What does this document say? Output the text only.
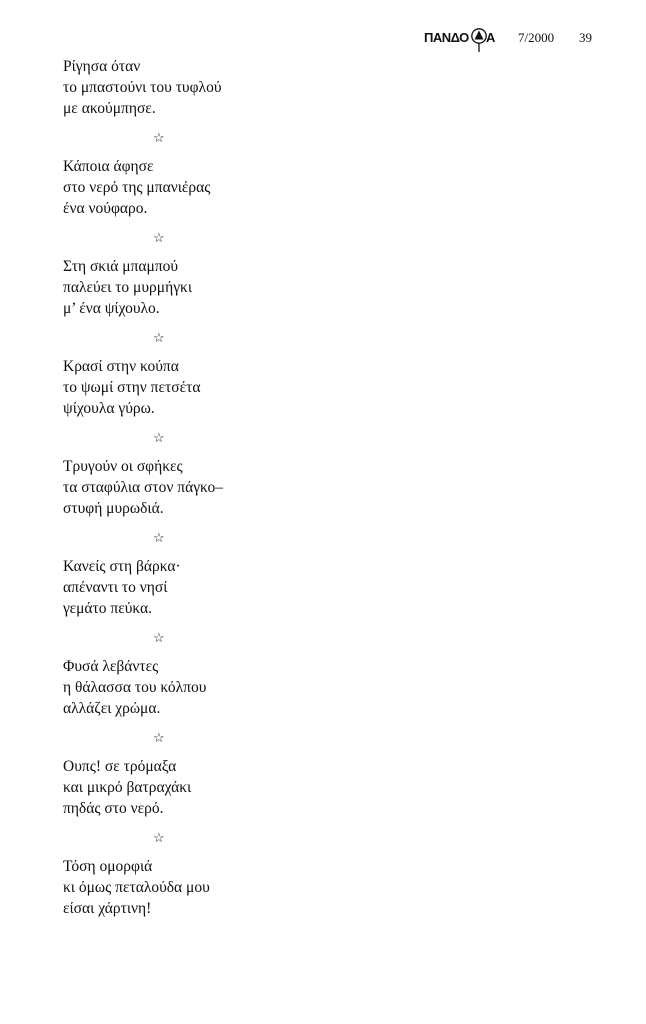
ΠΑΝΔΟ Α 7/2000 39
Ρίγησα όταν
το μπαστούνι του τυφλού
με ακούμπησε.
☆
Κάποια άφησε
στο νερό της μπανιέρας
ένα νούφαρο.
☆
Στη σκιά μπαμπού
παλεύει το μυρμήγκι
μ’ ένα ψίχουλο.
☆
Κρασί στην κούπα
το ψωμί στην πετσέτα
ψίχουλα γύρω.
☆
Τρυγούν οι σφήκες
τα σταφύλια στον πάγκο–
στυφή μυρωδιά.
☆
Κανείς στη βάρκα·
απέναντι το νησί
γεμάτο πεύκα.
☆
Φυσά λεβάντες
η θάλασσα του κόλπου
αλλάζει χρώμα.
☆
Ουπς! σε τρόμαξα
και μικρό βατραχάκι
πηδάς στο νερό.
☆
Τόση ομορφιά
κι όμως πεταλούδα μου
είσαι χάρτινη!
